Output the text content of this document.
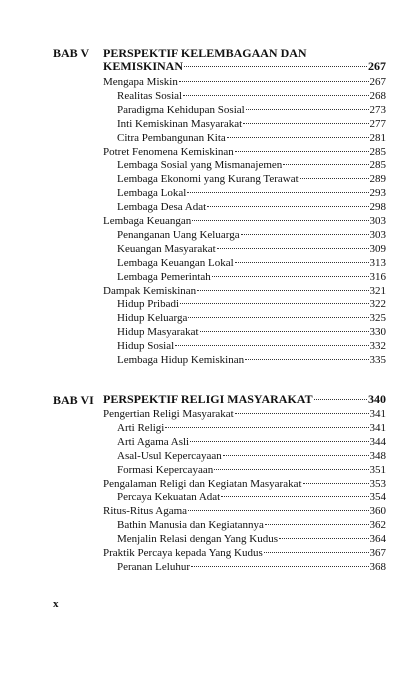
BAB V PERSPEKTIF KELEMBAGAAN DAN
KEMISKINAN	267
Mengapa Miskin	267
Realitas Sosial	268
Paradigma Kehidupan Sosial	273
Inti Kemiskinan Masyarakat	277
Citra Pembangunan Kita	281
Potret Fenomena Kemiskinan	285
Lembaga Sosial yang Mismanajemen	285
Lembaga Ekonomi yang Kurang Terawat	289
Lembaga Lokal	293
Lembaga Desa Adat	298
Lembaga Keuangan	303
Penanganan Uang Keluarga	303
Keuangan Masyarakat	309
Lembaga Keuangan Lokal	313
Lembaga Pemerintah	316
Dampak Kemiskinan	321
Hidup Pribadi	322
Hidup Keluarga	325
Hidup Masyarakat	330
Hidup Sosial	332
Lembaga Hidup Kemiskinan	335
BAB VI PERSPEKTIF RELIGI MASYARAKAT	340
Pengertian Religi Masyarakat	341
Arti Religi	341
Arti Agama Asli	344
Asal-Usul Kepercayaan	348
Formasi Kepercayaan	351
Pengalaman Religi dan Kegiatan Masyarakat	353
Percaya Kekuatan Adat	354
Ritus-Ritus Agama	360
Bathin Manusia dan Kegiatannya	362
Menjalin Relasi dengan Yang Kudus	364
Praktik Percaya kepada Yang Kudus	367
Peranan Leluhur	368
x
